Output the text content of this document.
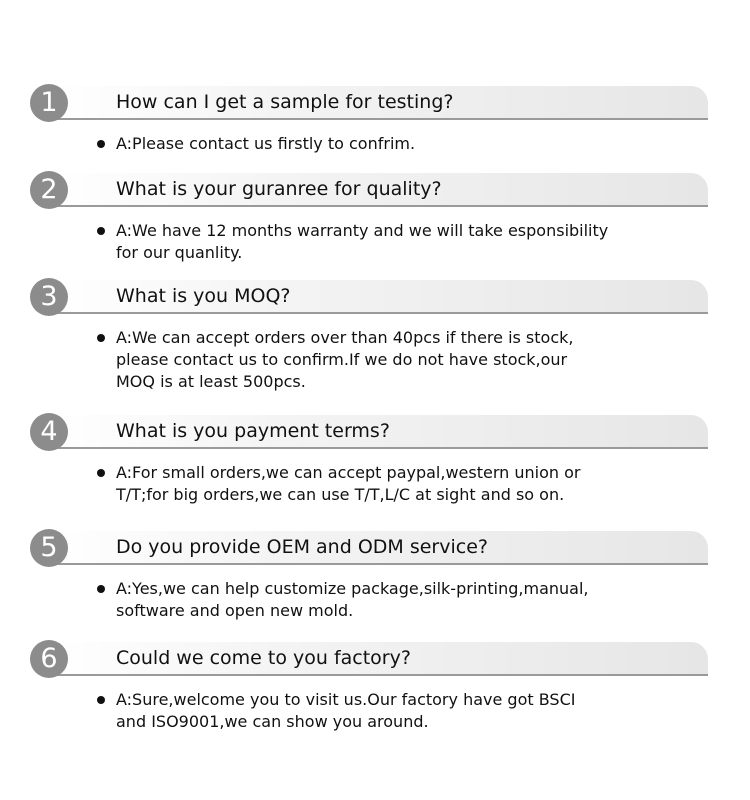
1	How can I get a sample for testing?
A:Please contact us firstly to confrim.
2	What is your guranree for quality?
A:We have 12 months warranty and we will take esponsibility
for our quanlity.
3	What is you MOQ?
A:We can accept orders over than 40pcs if there is stock,
please contact us to confirm.If we do not have stock,our
MOQ is at least 500pcs.
4	What is you payment terms?
A:For small orders,we can accept paypal,western union or
T/T;for big orders,we can use T/T,L/C at sight and so on.
5	Do you provide OEM and ODM service?
A:Yes,we can help customize package,silk-printing,manual,
software and open new mold.
6	Could we come to you factory?
A:Sure,welcome you to visit us.Our factory have got BSCI
and ISO9001,we can show you around.
